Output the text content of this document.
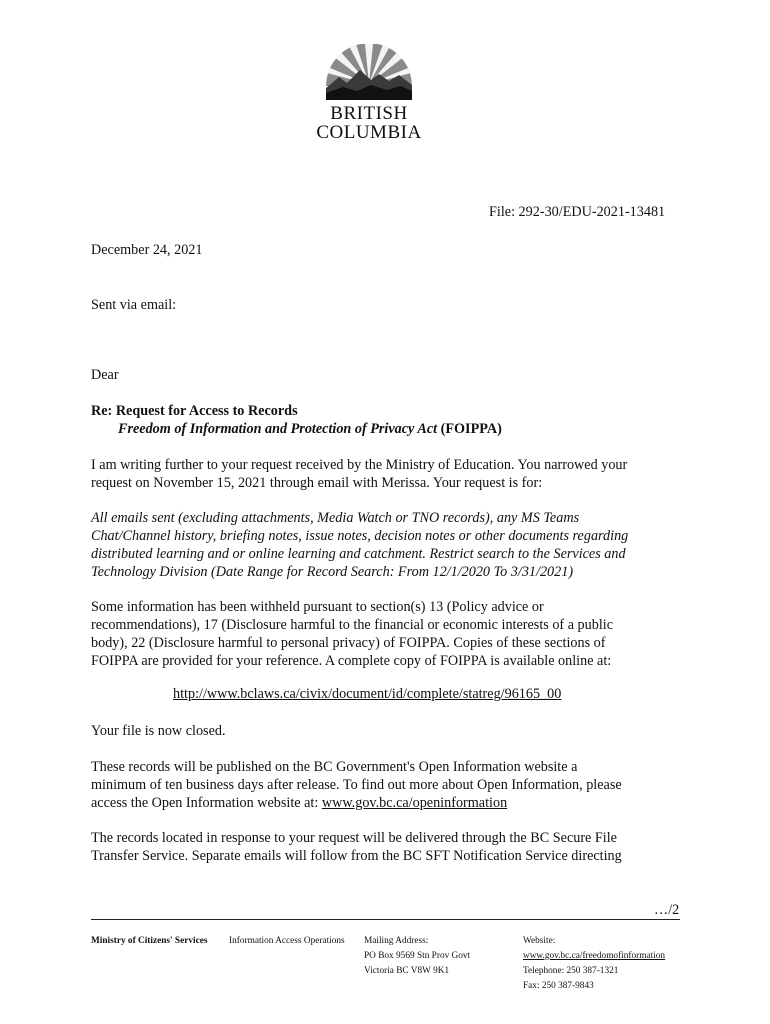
BRITISH
COLUMBIA
File: 292-30/EDU-2021-13481
December 24, 2021
Sent via email:
Dear
Re: Request for Access to Records
Freedom of Information and Protection of Privacy Act (FOIPPA)
I am writing further to your request received by the Ministry of Education. You narrowed your
request on November 15, 2021 through email with Merissa. Your request is for:
All emails sent (excluding attachments, Media Watch or TNO records), any MS Teams
Chat/Channel history, briefing notes, issue notes, decision notes or other documents regarding
distributed learning and or online learning and catchment. Restrict search to the Services and
Technology Division (Date Range for Record Search: From 12/1/2020 To 3/31/2021)
Some information has been withheld pursuant to section(s) 13 (Policy advice or
recommendations), 17 (Disclosure harmful to the financial or economic interests of a public
body), 22 (Disclosure harmful to personal privacy) of FOIPPA. Copies of these sections of
FOIPPA are provided for your reference. A complete copy of FOIPPA is available online at:
http://www.bclaws.ca/civix/document/id/complete/statreg/96165_00
Your file is now closed.
These records will be published on the BC Government's Open Information website a
minimum of ten business days after release. To find out more about Open Information, please
access the Open Information website at: www.gov.bc.ca/openinformation
The records located in response to your request will be delivered through the BC Secure File
Transfer Service. Separate emails will follow from the BC SFT Notification Service directing
…/2
Ministry of Citizens' Services Information Access Operations Mailing Address:
PO Box 9569 Stn Prov Govt
Victoria BC V8W 9K1
Website:
www.gov.bc.ca/freedomofinformation
Telephone: 250 387-1321
Fax: 250 387-9843
